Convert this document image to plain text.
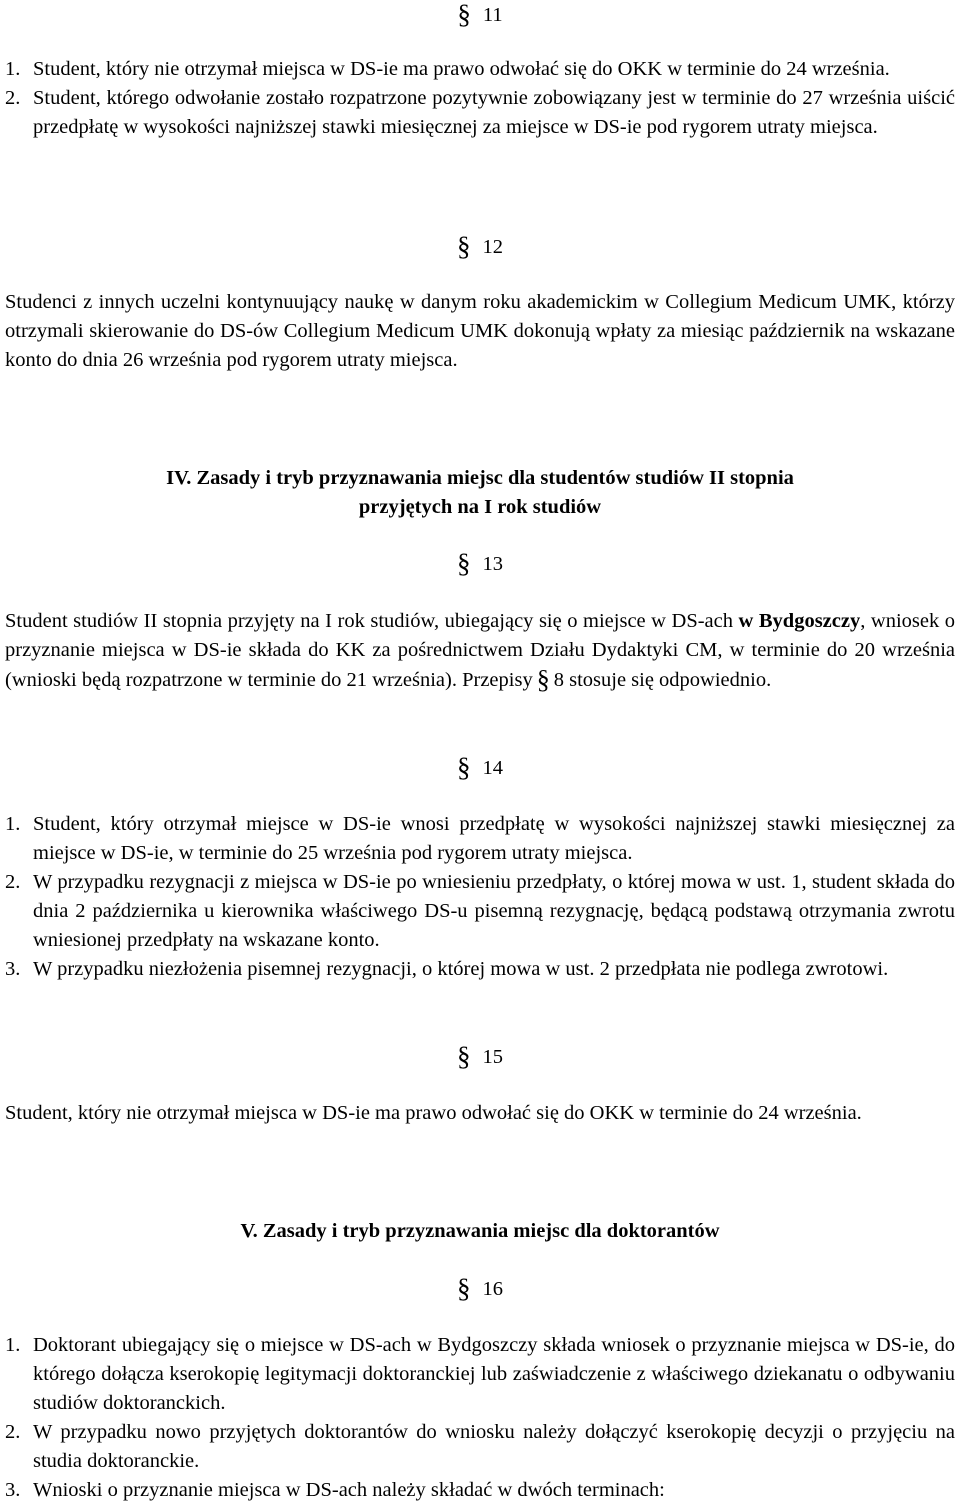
§ 11

1. Student, który nie otrzymał miejsca w DS-ie ma prawo odwołać się do OKK w terminie do 24 września.
2. Student, którego odwołanie zostało rozpatrzone pozytywnie zobowiązany jest w terminie do 27 września uiścić przedpłatę w wysokości najniższej stawki miesięcznej za miejsce w DS-ie pod rygorem utraty miejsca.

§ 12

Studenci z innych uczelni kontynuujący naukę w danym roku akademickim w Collegium Medicum UMK, którzy otrzymali skierowanie do DS-ów Collegium Medicum UMK dokonują wpłaty za miesiąc październik na wskazane konto do dnia 26 września pod rygorem utraty miejsca.

IV. Zasady i tryb przyznawania miejsc dla studentów studiów II stopnia

przyjętych na I rok studiów

§ 13

Student studiów II stopnia przyjęty na I rok studiów, ubiegający się o miejsce w DS-ach w Bydgoszczy, wniosek o przyznanie miejsca w DS-ie składa do KK za pośrednictwem Działu Dydaktyki CM, w terminie do 20 września (wnioski będą rozpatrzone w terminie do 21 września). Przepisy § 8 stosuje się odpowiednio.

§ 14

1. Student, który otrzymał miejsce w DS-ie wnosi przedpłatę w wysokości najniższej stawki miesięcznej za miejsce w DS-ie, w terminie do 25 września pod rygorem utraty miejsca.
2. W przypadku rezygnacji z miejsca w DS-ie po wniesieniu przedpłaty, o której mowa w ust. 1, student składa do dnia 2 października u kierownika właściwego DS-u pisemną rezygnację, będącą podstawą otrzymania zwrotu wniesionej przedpłaty na wskazane konto.
3. W przypadku niezłożenia pisemnej rezygnacji, o której mowa w ust. 2 przedpłata nie podlega zwrotowi.

§ 15

Student, który nie otrzymał miejsca w DS-ie ma prawo odwołać się do OKK w terminie do 24 września.

V. Zasady i tryb przyznawania miejsc dla doktorantów

§ 16

1. Doktorant ubiegający się o miejsce w DS-ach w Bydgoszczy składa wniosek o przyznanie miejsca w DS-ie, do którego dołącza kserokopię legitymacji doktoranckiej lub zaświadczenie z właściwego dziekanatu o odbywaniu studiów doktoranckich.
2. W przypadku nowo przyjętych doktorantów do wniosku należy dołączyć kserokopię decyzji o przyjęciu na studia doktoranckie.
3. Wnioski o przyznanie miejsca w DS-ach należy składać w dwóch terminach:
